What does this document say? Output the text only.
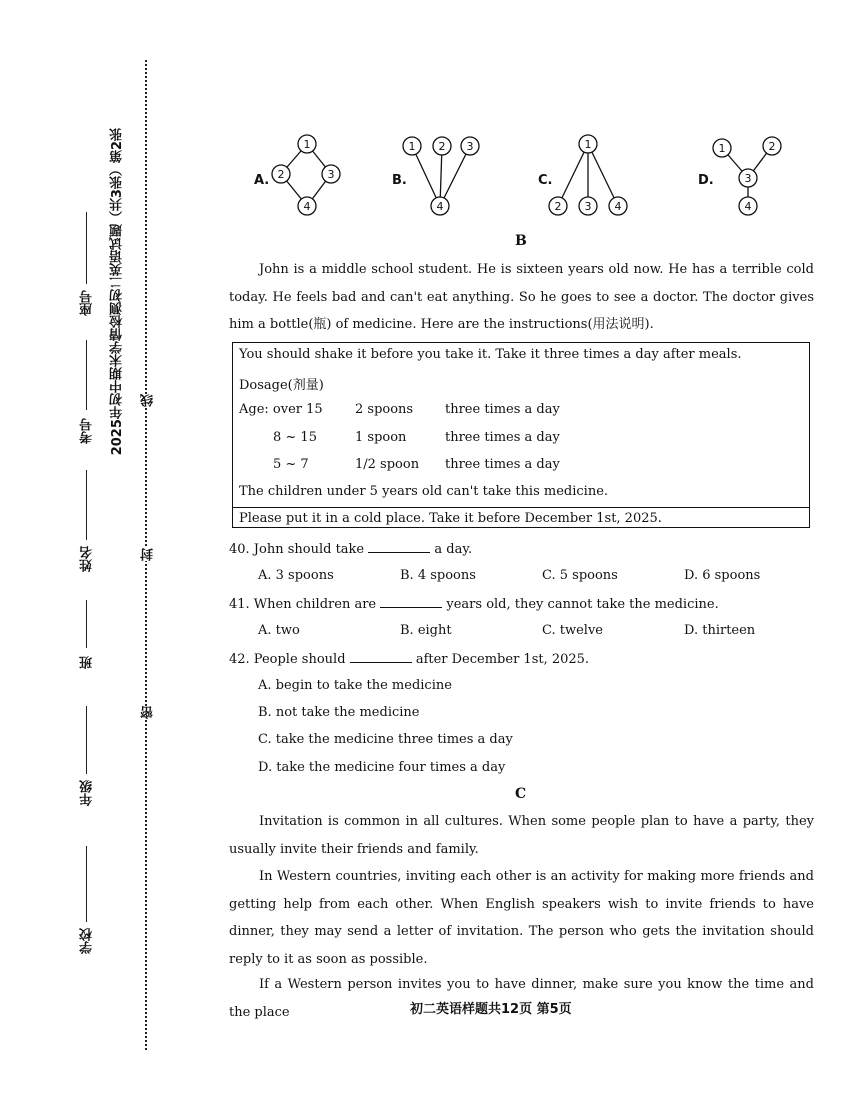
线
封
密
2025年初中期末学情检测初二英语试题（共3张）第2张
座号
考号
姓名
班
年级
学校
A.	B.	C.	D.
1
2	3
4
1 2 3
4
1
2 3 4
1	2
3
4
B
John is a middle school student. He is sixteen years old now. He has a terrible cold today. He feels bad and can't eat anything. So he goes to see a doctor. The doctor gives him a bottle(瓶) of medicine. Here are the instructions(用法说明).
You should shake it before you take it. Take it three times a day after meals.
Dosage(剂量)
Age: over 15 2 spoons three times a day
8 ~ 15	1 spoon	three times a day
5 ~ 7	1/2 spoon three times a day
The children under 5 years old can't take this medicine.
Please put it in a cold place. Take it before December 1st, 2025.
40. John should take	a day.
A. 3 spoons	B. 4 spoons	C. 5 spoons	D. 6 spoons
41. When children are	years old, they cannot take the medicine.
A. two	B. eight	C. twelve	D. thirteen
42. People should	after December 1st, 2025.
A. begin to take the medicine
B. not take the medicine
C. take the medicine three times a day
D. take the medicine four times a day
C
Invitation is common in all cultures. When some people plan to have a party, they usually invite their friends and family.
In Western countries, inviting each other is an activity for making more friends and getting help from each other. When English speakers wish to invite friends to have dinner, they may send a letter of invitation. The person who gets the invitation should reply to it as soon as possible.
If a Western person invites you to have dinner, make sure you know the time and the place	初二英语样题共12页 第5页
